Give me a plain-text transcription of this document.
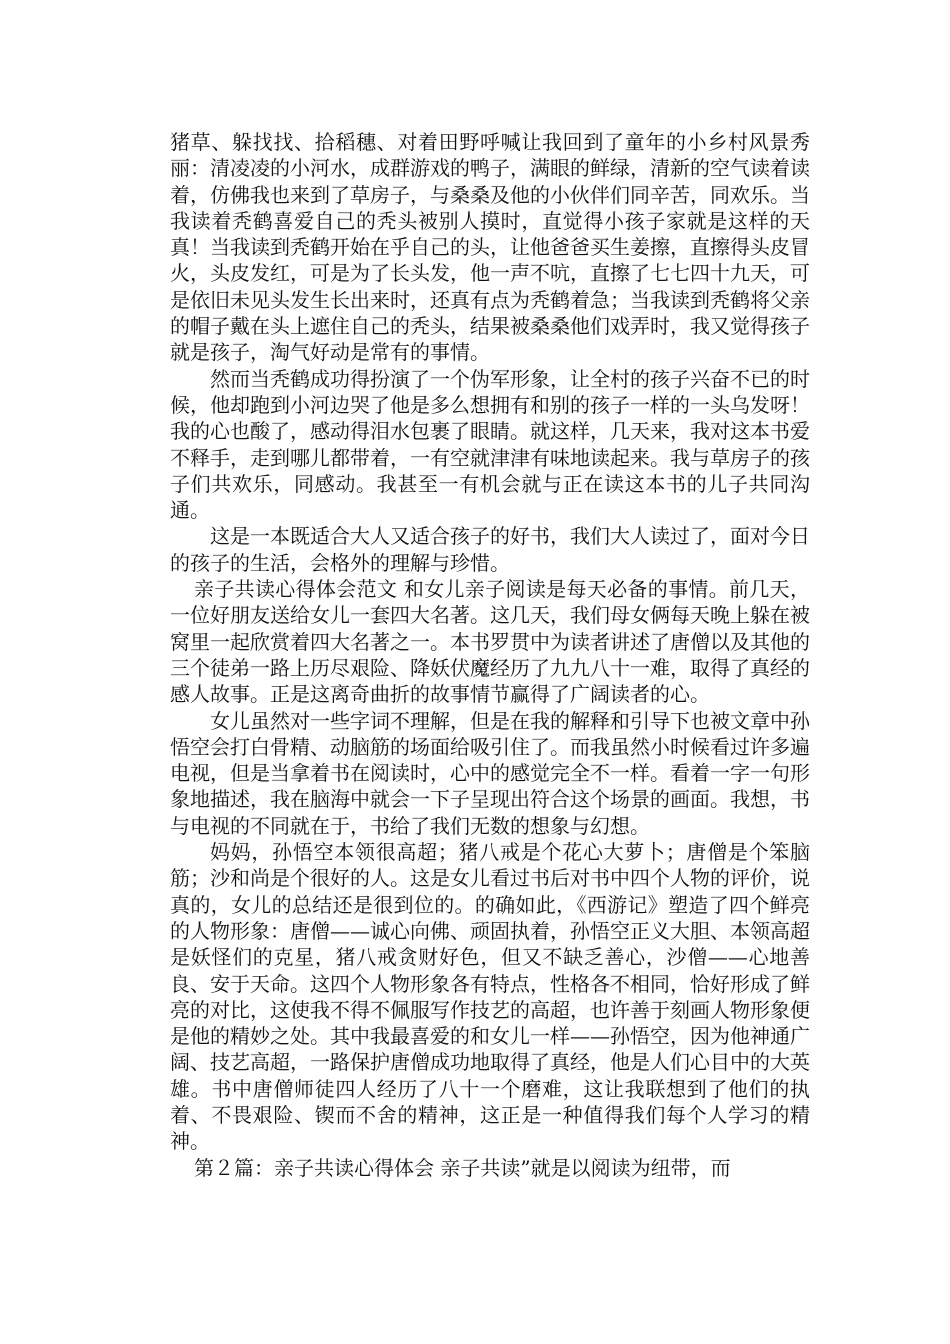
猪草、躲找找、拾稻穗、对着田野呼喊让我回到了童年的小乡村风景秀丽：清凌凌的小河水，成群游戏的鸭子，满眼的鲜绿，清新的空气读着读着，仿佛我也来到了草房子，与桑桑及他的小伙伴们同辛苦，同欢乐。当我读着秃鹤喜爱自己的秃头被别人摸时，直觉得小孩子家就是这样的天真！当我读到秃鹤开始在乎自己的头，让他爸爸买生姜擦，直擦得头皮冒火，头皮发红，可是为了长头发，他一声不吭，直擦了七七四十九天，可是依旧未见头发生长出来时，还真有点为秃鹤着急；当我读到秃鹤将父亲的帽子戴在头上遮住自己的秃头，结果被桑桑他们戏弄时，我又觉得孩子就是孩子，淘气好动是常有的事情。

然而当秃鹤成功得扮演了一个伪军形象，让全村的孩子兴奋不已的时候，他却跑到小河边哭了他是多么想拥有和别的孩子一样的一头乌发呀！我的心也酸了，感动得泪水包裹了眼睛。就这样，几天来，我对这本书爱不释手，走到哪儿都带着，一有空就津津有味地读起来。我与草房子的孩子们共欢乐，同感动。我甚至一有机会就与正在读这本书的儿子共同沟通。

这是一本既适合大人又适合孩子的好书，我们大人读过了，面对今日的孩子的生活，会格外的理解与珍惜。

亲子共读心得体会范文 和女儿亲子阅读是每天必备的事情。前几天，一位好朋友送给女儿一套四大名著。这几天，我们母女俩每天晚上躲在被窝里一起欣赏着四大名著之一。本书罗贯中为读者讲述了唐僧以及其他的三个徒弟一路上历尽艰险、降妖伏魔经历了九九八十一难，取得了真经的感人故事。正是这离奇曲折的故事情节赢得了广阔读者的心。

女儿虽然对一些字词不理解，但是在我的解释和引导下也被文章中孙悟空会打白骨精、动脑筋的场面给吸引住了。而我虽然小时候看过许多遍电视，但是当拿着书在阅读时，心中的感觉完全不一样。看着一字一句形象地描述，我在脑海中就会一下子呈现出符合这个场景的画面。我想，书与电视的不同就在于，书给了我们无数的想象与幻想。

妈妈，孙悟空本领很高超；猪八戒是个花心大萝卜；唐僧是个笨脑筋；沙和尚是个很好的人。这是女儿看过书后对书中四个人物的评价，说真的，女儿的总结还是很到位的。的确如此，《西游记》塑造了四个鲜亮的人物形象：唐僧——诚心向佛、顽固执着，孙悟空正义大胆、本领高超是妖怪们的克星，猪八戒贪财好色，但又不缺乏善心，沙僧——心地善良、安于天命。这四个人物形象各有特点，性格各不相同，恰好形成了鲜亮的对比，这使我不得不佩服写作技艺的高超，也许善于刻画人物形象便是他的精妙之处。其中我最喜爱的和女儿一样——孙悟空，因为他神通广阔、技艺高超，一路保护唐僧成功地取得了真经，他是人们心目中的大英雄。书中唐僧师徒四人经历了八十一个磨难，这让我联想到了他们的执着、不畏艰险、锲而不舍的精神，这正是一种值得我们每个人学习的精神。

第２篇：亲子共读心得体会 亲子共读”就是以阅读为纽带，而
